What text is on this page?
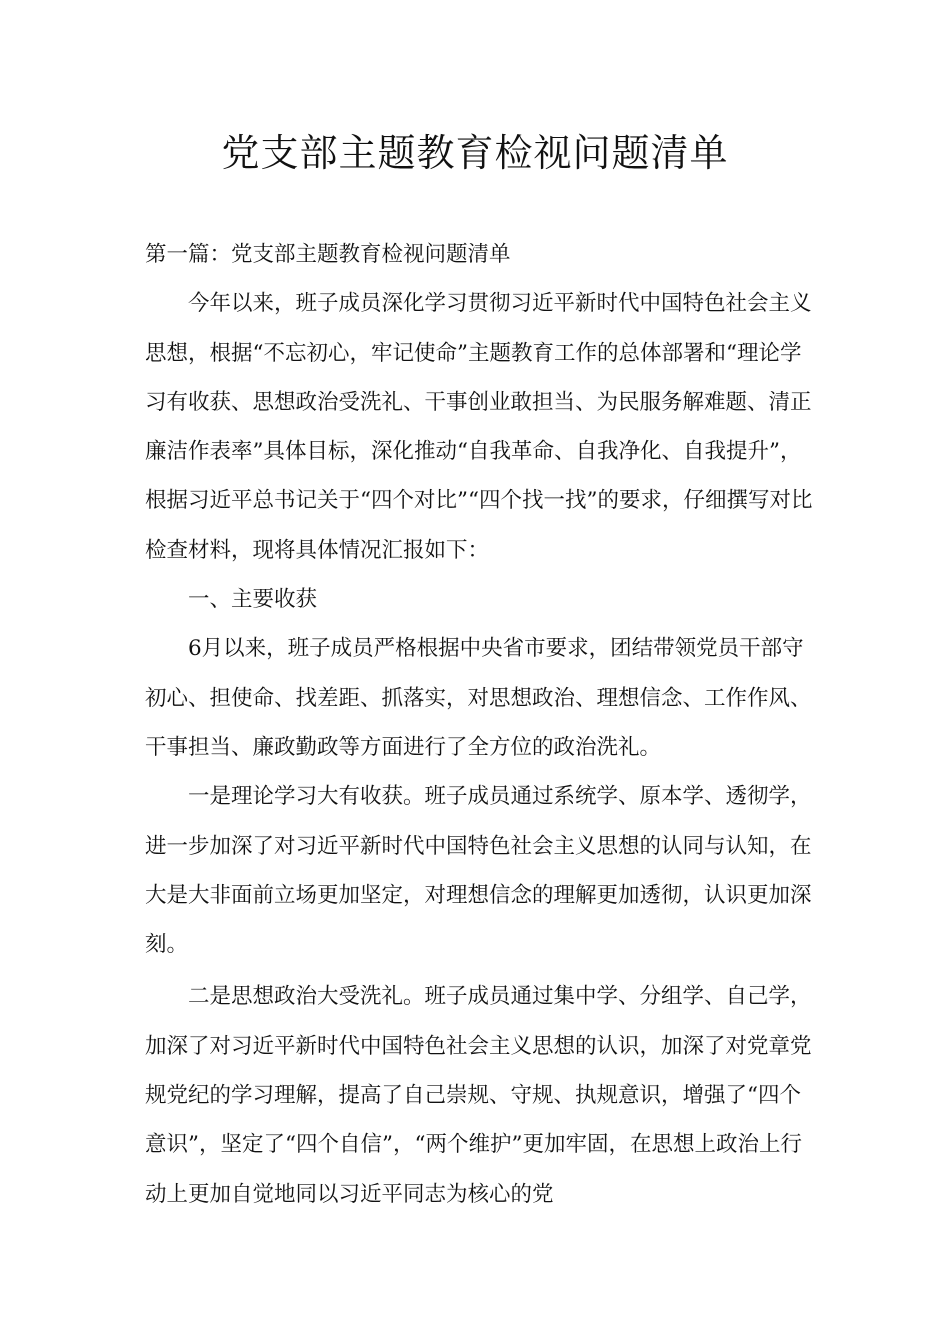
党支部主题教育检视问题清单

第一篇：党支部主题教育检视问题清单

今年以来，班子成员深化学习贯彻习近平新时代中国特色社会主义思想，根据“不忘初心，牢记使命”主题教育工作的总体部署和“理论学习有收获、思想政治受洗礼、干事创业敢担当、为民服务解难题、清正廉洁作表率”具体目标，深化推动“自我革命、自我净化、自我提升”，根据习近平总书记关于“四个对比”“四个找一找”的要求，仔细撰写对比检查材料，现将具体情况汇报如下：

一、主要收获

6月以来，班子成员严格根据中央省市要求，团结带领党员干部守初心、担使命、找差距、抓落实，对思想政治、理想信念、工作作风、干事担当、廉政勤政等方面进行了全方位的政治洗礼。

一是理论学习大有收获。班子成员通过系统学、原本学、透彻学，进一步加深了对习近平新时代中国特色社会主义思想的认同与认知，在大是大非面前立场更加坚定，对理想信念的理解更加透彻，认识更加深刻。

二是思想政治大受洗礼。班子成员通过集中学、分组学、自己学，加深了对习近平新时代中国特色社会主义思想的认识，加深了对党章党规党纪的学习理解，提高了自己崇规、守规、执规意识，增强了“四个意识”，坚定了“四个自信”，“两个维护”更加牢固，在思想上政治上行动上更加自觉地同以习近平同志为核心的党
